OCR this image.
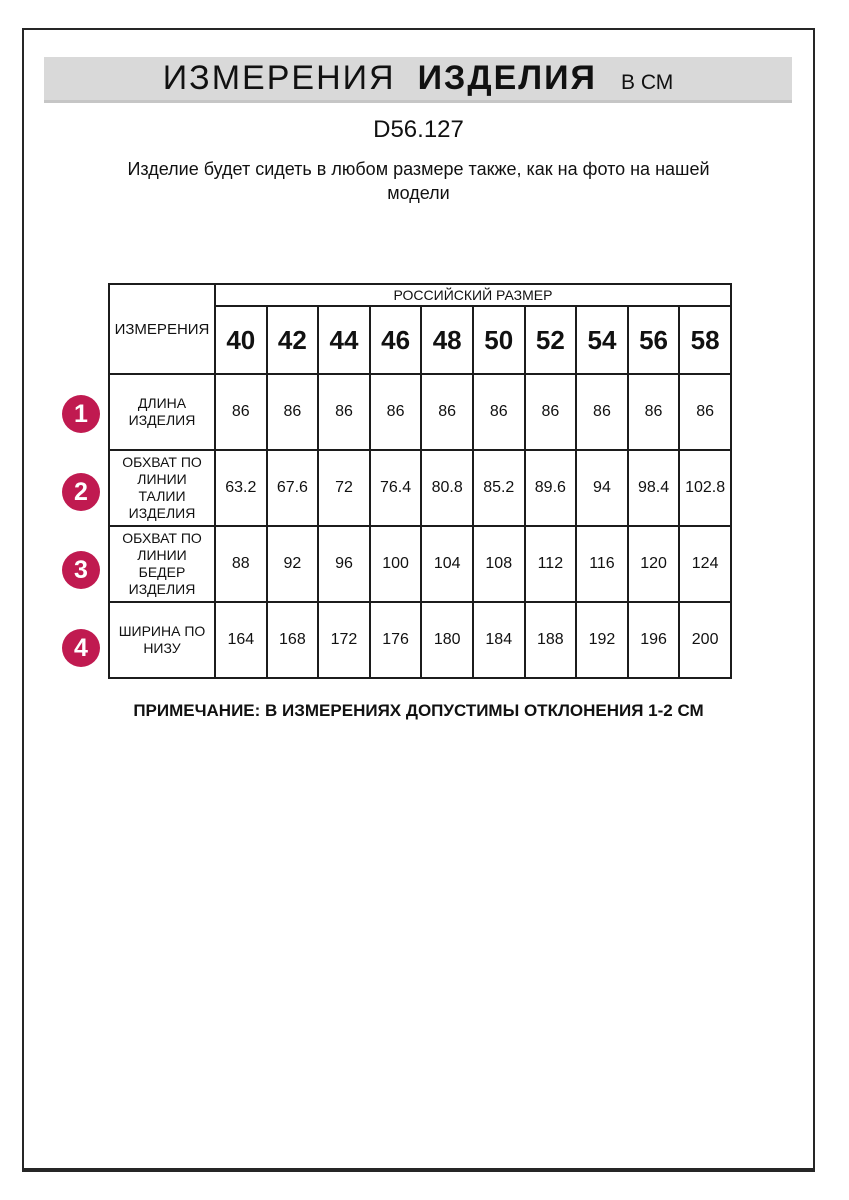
ИЗМЕРЕНИЯ ИЗДЕЛИЯ В СМ
D56.127
Изделие будет сидеть в любом размере также, как на фото на нашей модели
ИЗМЕРЕНИЯ	РОССИЙСКИЙ РАЗМЕР									
	40	42	44	46	48	50	52	54	56	58
ДЛИНА ИЗДЕЛИЯ	86	86	86	86	86	86	86	86	86	86
ОБХВАТ ПО ЛИНИИ ТАЛИИ ИЗДЕЛИЯ	63.2	67.6	72	76.4	80.8	85.2	89.6	94	98.4	102.8
ОБХВАТ ПО ЛИНИИ БЕДЕР ИЗДЕЛИЯ	88	92	96	100	104	108	112	116	120	124
ШИРИНА ПО НИЗУ	164	168	172	176	180	184	188	192	196	200
ПРИМЕЧАНИЕ: В ИЗМЕРЕНИЯХ ДОПУСТИМЫ ОТКЛОНЕНИЯ 1-2 СМ
1
2
3
4
